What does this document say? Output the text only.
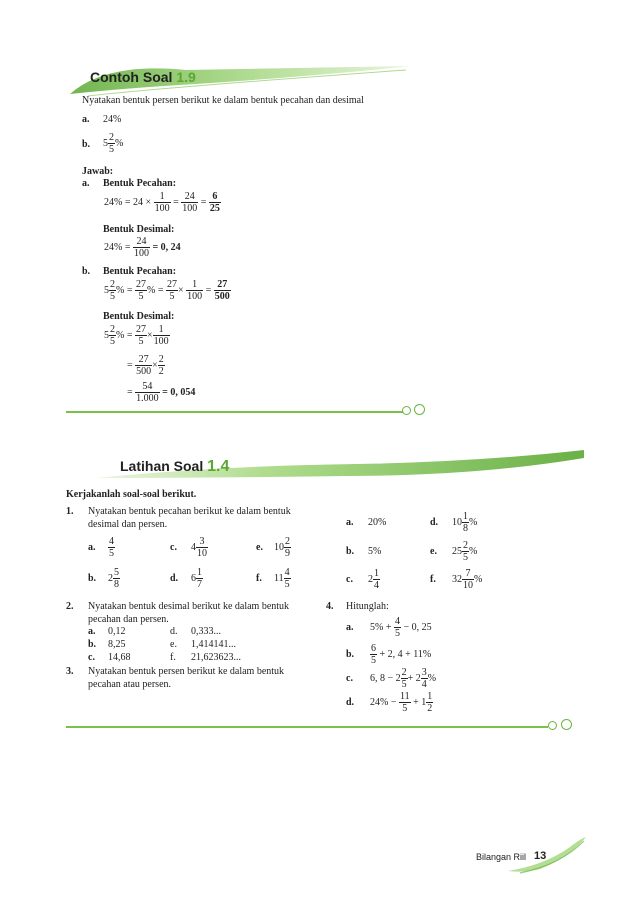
Contoh Soal 1.9
Nyatakan bentuk persen berikut ke dalam bentuk pecahan dan desimal
a. 24%
b. $5 \frac{2}{5}$ %
Jawab:
a. Bentuk Pecahan:
$24\% = 24 \times \frac{1}{100} = \frac{24}{100} = \frac{6}{25}$
Bentuk Desimal:
$24\% = \frac{24}{100} = 0$, 24
b. Bentuk Pecahan:
$5 \frac{2}{5}$ % = $\frac{27}{5}$ % = $\frac{27}{5} \times \frac{1}{100} = \frac{27}{500}$
Bentuk Desimal:
$5 \frac{2}{5}$ % = $\frac{27}{5} \times \frac{1}{100}$
= $\frac{27}{500} \times \frac{2}{2}$
= $\frac{54}{1.000} = 0$, 054
Latihan Soal 1.4
Kerjakanlah soal-soal berikut.
1. Nyatakan bentuk pecahan berikut ke dalam bentuk
desimal dan persen.
a. $\frac{4}{5}$	c. $4 \frac{3}{10}$	e. $10 \frac{2}{9}$
b. $2 \frac{5}{8}$	d. $6 \frac{1}{7}$	f. $11 \frac{4}{5}$
2. Nyatakan bentuk desimal berikut ke dalam bentuk
pecahan dan persen.
a. 0,12	d. 0,333...
b. 8,25	e. 1,414141...
c. 14,68	f. 21,623623...
3. Nyatakan bentuk persen berikut ke dalam bentuk
pecahan atau persen.
a. 20%	d. $10 \frac{1}{8}$ %
b. 5%	e. $25 \frac{2}{5}$ %
c. $2 \frac{1}{4}$	f. $32 \frac{7}{10}$ %
4. Hitunglah:
a. $5\% + \frac{4}{5} - 0$, 25
b. $\frac{6}{5} + 2$, 4 + 11%
c. 6, $8 - 2 \frac{2}{5} + 2 \frac{3}{4}$ %
d. $24\% - \frac{11}{5} + 1 \frac{1}{2}$
Bilangan Riil 13
